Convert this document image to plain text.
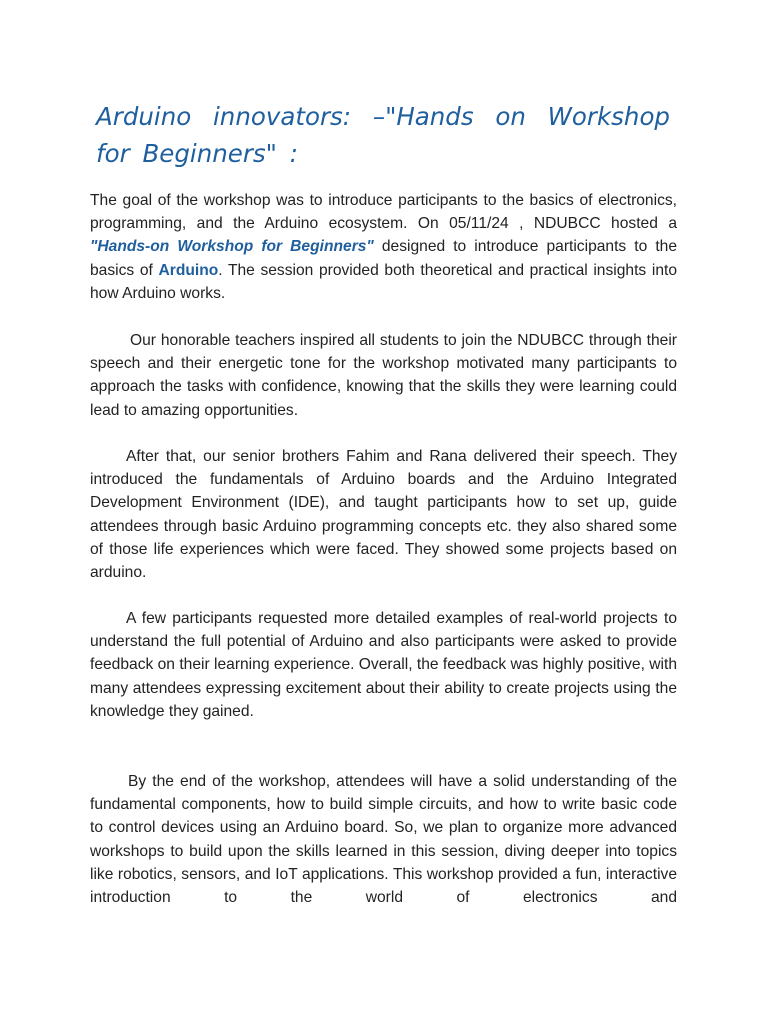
Arduino innovators: –"Hands on Workshop for Beginners" :

The goal of the workshop was to introduce participants to the basics of electronics, programming, and the Arduino ecosystem. On 05/11/24 , NDUBCC hosted a "Hands-on Workshop for Beginners" designed to introduce participants to the basics of Arduino. The session provided both theoretical and practical insights into how Arduino works.

Our honorable teachers inspired all students to join the NDUBCC through their speech and their energetic tone for the workshop motivated many participants to approach the tasks with confidence, knowing that the skills they were learning could lead to amazing opportunities.

After that, our senior brothers Fahim and Rana delivered their speech. They introduced the fundamentals of Arduino boards and the Arduino Integrated Development Environment (IDE), and taught participants how to set up, guide attendees through basic Arduino programming concepts etc. they also shared some of those life experiences which were faced. They showed some projects based on arduino.

A few participants requested more detailed examples of real-world projects to understand the full potential of Arduino and also participants were asked to provide feedback on their learning experience. Overall, the feedback was highly positive, with many attendees expressing excitement about their ability to create projects using the knowledge they gained.

By the end of the workshop, attendees will have a solid understanding of the fundamental components, how to build simple circuits, and how to write basic code to control devices using an Arduino board. So, we plan to organize more advanced workshops to build upon the skills learned in this session, diving deeper into topics like robotics, sensors, and IoT applications. This workshop provided a fun, interactive introduction to the world of electronics and
